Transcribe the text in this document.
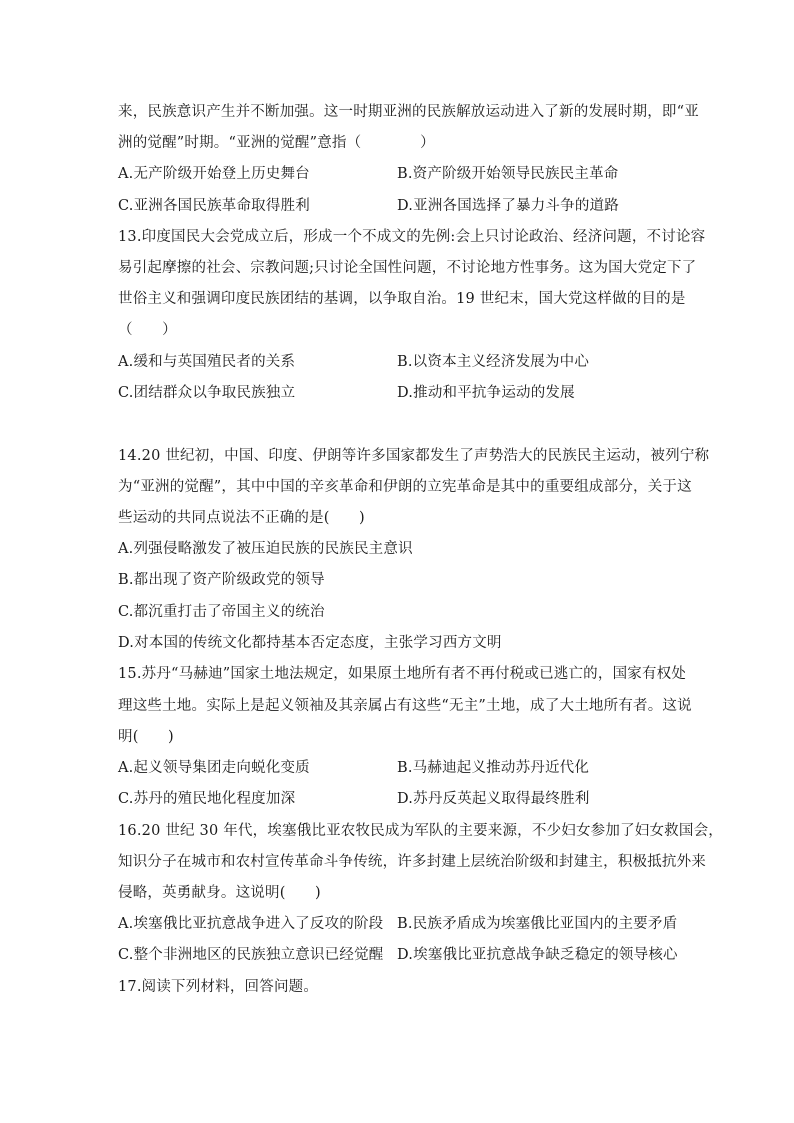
来，民族意识产生并不断加强。这一时期亚洲的民族解放运动进入了新的发展时期，即“亚
洲的觉醒”时期。“亚洲的觉醒”意指（　　　　）
A.无产阶级开始登上历史舞台	B.资产阶级开始领导民族民主革命
C.亚洲各国民族革命取得胜利	D.亚洲各国选择了暴力斗争的道路
13.印度国民大会党成立后，形成一个不成文的先例:会上只讨论政治、经济问题，不讨论容
易引起摩擦的社会、宗教问题;只讨论全国性问题，不讨论地方性事务。这为国大党定下了
世俗主义和强调印度民族团结的基调，以争取自治。19 世纪末，国大党这样做的目的是
（　　）
A.缓和与英国殖民者的关系	B.以资本主义经济发展为中心
C.团结群众以争取民族独立	D.推动和平抗争运动的发展
14.20 世纪初，中国、印度、伊朗等许多国家都发生了声势浩大的民族民主运动，被列宁称
为“亚洲的觉醒”，其中中国的辛亥革命和伊朗的立宪革命是其中的重要组成部分，关于这
些运动的共同点说法不正确的是(　　)
A.列强侵略激发了被压迫民族的民族民主意识
B.都出现了资产阶级政党的领导
C.都沉重打击了帝国主义的统治
D.对本国的传统文化都持基本否定态度，主张学习西方文明
15.苏丹“马赫迪”国家土地法规定，如果原土地所有者不再付税或已逃亡的，国家有权处
理这些土地。实际上是起义领袖及其亲属占有这些“无主”土地，成了大土地所有者。这说
明(　　)
A.起义领导集团走向蜕化变质	B.马赫迪起义推动苏丹近代化
C.苏丹的殖民地化程度加深	D.苏丹反英起义取得最终胜利
16.20 世纪 30 年代，埃塞俄比亚农牧民成为军队的主要来源，不少妇女参加了妇女救国会，
知识分子在城市和农村宣传革命斗争传统，许多封建上层统治阶级和封建主，积极抵抗外来
侵略，英勇献身。这说明(　　)
A.埃塞俄比亚抗意战争进入了反攻的阶段 B.民族矛盾成为埃塞俄比亚国内的主要矛盾
C.整个非洲地区的民族独立意识已经觉醒 D.埃塞俄比亚抗意战争缺乏稳定的领导核心
17.阅读下列材料，回答问题。
